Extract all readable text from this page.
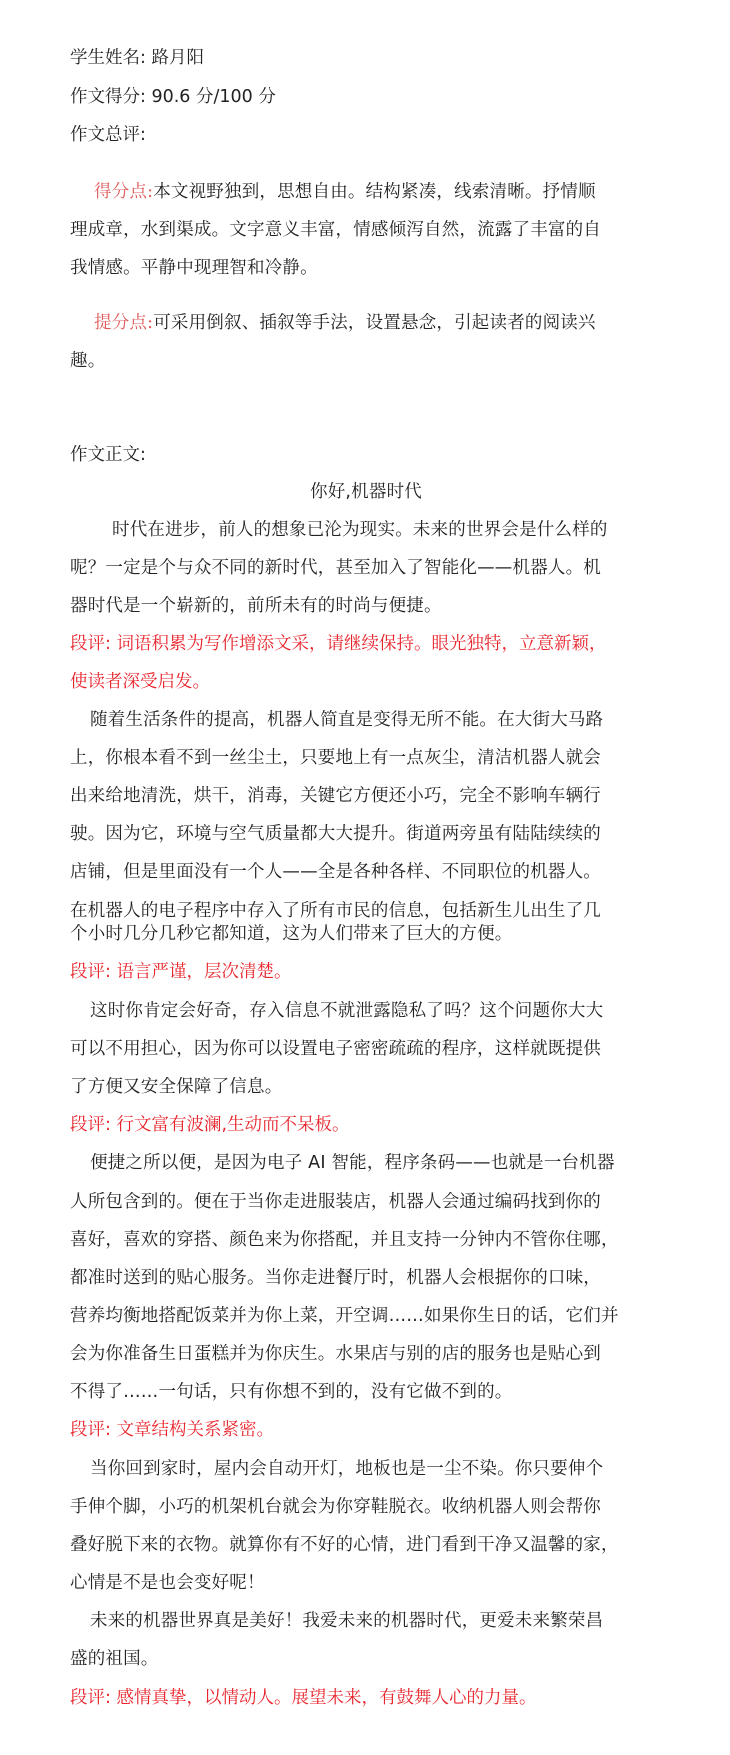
学生姓名: 路月阳
作文得分: 90.6 分/100 分
作文总评:
得分点:本文视野独到，思想自由。结构紧凑，线索清晰。抒情顺
理成章，水到渠成。文字意义丰富，情感倾泻自然，流露了丰富的自
我情感。平静中现理智和冷静。
提分点:可采用倒叙、插叙等手法，设置悬念，引起读者的阅读兴
趣。
作文正文:
你好,机器时代
时代在进步，前人的想象已沦为现实。未来的世界会是什么样的
呢？一定是个与众不同的新时代，甚至加入了智能化——机器人。机
器时代是一个崭新的，前所未有的时尚与便捷。
段评: 词语积累为写作增添文采，请继续保持。眼光独特，立意新颖，
使读者深受启发。
随着生活条件的提高，机器人简直是变得无所不能。在大街大马路
上，你根本看不到一丝尘土，只要地上有一点灰尘，清洁机器人就会
出来给地清洗，烘干，消毒，关键它方便还小巧，完全不影响车辆行
驶。因为它，环境与空气质量都大大提升。街道两旁虽有陆陆续续的
店铺，但是里面没有一个人——全是各种各样、不同职位的机器人。
在机器人的电子程序中存入了所有市民的信息，包括新生儿出生了几
个小时几分几秒它都知道，这为人们带来了巨大的方便。
段评: 语言严谨，层次清楚。
这时你肯定会好奇，存入信息不就泄露隐私了吗？这个问题你大大
可以不用担心，因为你可以设置电子密密疏疏的程序，这样就既提供
了方便又安全保障了信息。
段评: 行文富有波澜,生动而不呆板。
便捷之所以便，是因为电子 AI 智能，程序条码——也就是一台机器
人所包含到的。便在于当你走进服装店，机器人会通过编码找到你的
喜好，喜欢的穿搭、颜色来为你搭配，并且支持一分钟内不管你住哪，
都准时送到的贴心服务。当你走进餐厅时，机器人会根据你的口味，
营养均衡地搭配饭菜并为你上菜，开空调……如果你生日的话，它们并
会为你准备生日蛋糕并为你庆生。水果店与别的店的服务也是贴心到
不得了……一句话，只有你想不到的，没有它做不到的。
段评: 文章结构关系紧密。
当你回到家时，屋内会自动开灯，地板也是一尘不染。你只要伸个
手伸个脚，小巧的机架机台就会为你穿鞋脱衣。收纳机器人则会帮你
叠好脱下来的衣物。就算你有不好的心情，进门看到干净又温馨的家，
心情是不是也会变好呢！
未来的机器世界真是美好！我爱未来的机器时代，更爱未来繁荣昌
盛的祖国。
段评: 感情真挚，以情动人。展望未来，有鼓舞人心的力量。
